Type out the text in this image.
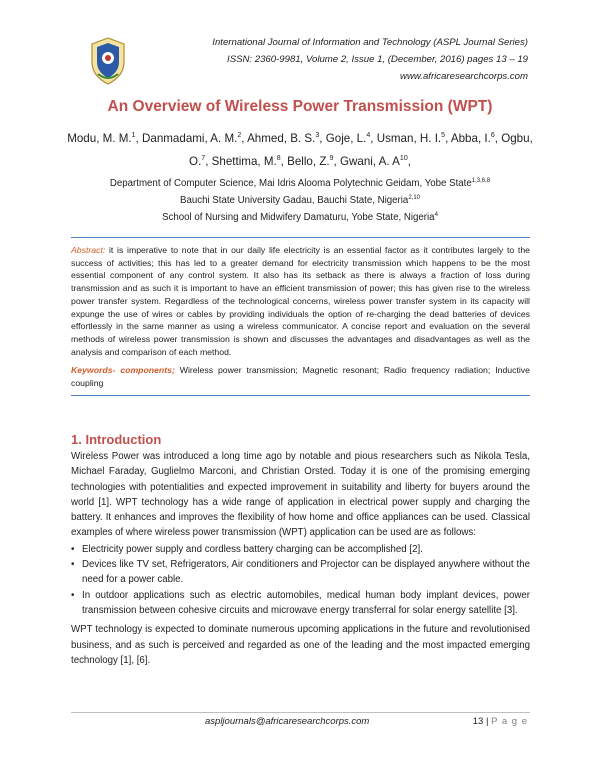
International Journal of Information and Technology (ASPL Journal Series)
ISSN: 2360-9981, Volume 2, Issue 1, (December, 2016) pages 13 – 19
www.africaresearchcorps.com
An Overview of Wireless Power Transmission (WPT)
Modu, M. M.$^1$, Danmadami, A. M.$^2$, Ahmed, B. S.$^3$, Goje, L.$^4$, Usman, H. I.$^5$, Abba, I.$^6$, Ogbu, O.$^7$, Shettima, M.$^8$, Bello, Z.$^9$, Gwani, A. $A^{10}$,
Department of Computer Science, Mai Idris Alooma Polytechnic Geidam, Yobe State$^{1,3,6,8}$
Bauchi State University Gadau, Bauchi State, Nigeria$^{2,10}$
School of Nursing and Midwifery Damaturu, Yobe State, Nigeria$^4$
Abstract: it is imperative to note that in our daily life electricity is an essential factor as it contributes largely to the success of activities; this has led to a greater demand for electricity transmission which happens to be the most essential component of any control system. It also has its setback as there is always a fraction of loss during transmission and as such it is important to have an efficient transmission of power; this has given rise to the wireless power transfer system. Regardless of the technological concerns, wireless power transfer system in its capacity will expunge the use of wires or cables by providing individuals the option of re-charging the dead batteries of devices effortlessly in the same manner as using a wireless communicator. A concise report and evaluation on the several methods of wireless power transmission is shown and discusses the advantages and disadvantages as well as the analysis and comparison of each method.
Keywords- components; Wireless power transmission; Magnetic resonant; Radio frequency radiation; Inductive coupling
1. Introduction

Wireless Power was introduced a long time ago by notable and pious researchers such as Nikola Tesla, Michael Faraday, Guglielmo Marconi, and Christian Orsted. Today it is one of the promising emerging technologies with potentialities and expected improvement in suitability and liberty for buyers around the world [1]. WPT technology has a wide range of application in electrical power supply and charging the battery. It enhances and improves the flexibility of how home and office appliances can be used. Classical examples of where wireless power transmission (WPT) application can be used are as follows:

• Electricity power supply and cordless battery charging can be accomplished [2].
• Devices like TV set, Refrigerators, Air conditioners and Projector can be displayed anywhere without the need for a power cable.
• In outdoor applications such as electric automobiles, medical human body implant devices, power transmission between cohesive circuits and microwave energy transferral for solar energy satellite [3].

WPT technology is expected to dominate numerous upcoming applications in the future and revolutionised business, and as such is perceived and regarded as one of the leading and the most impacted emerging technology [1], [6].

aspljournals@africaresearchcorps.com	13 | P a g e
